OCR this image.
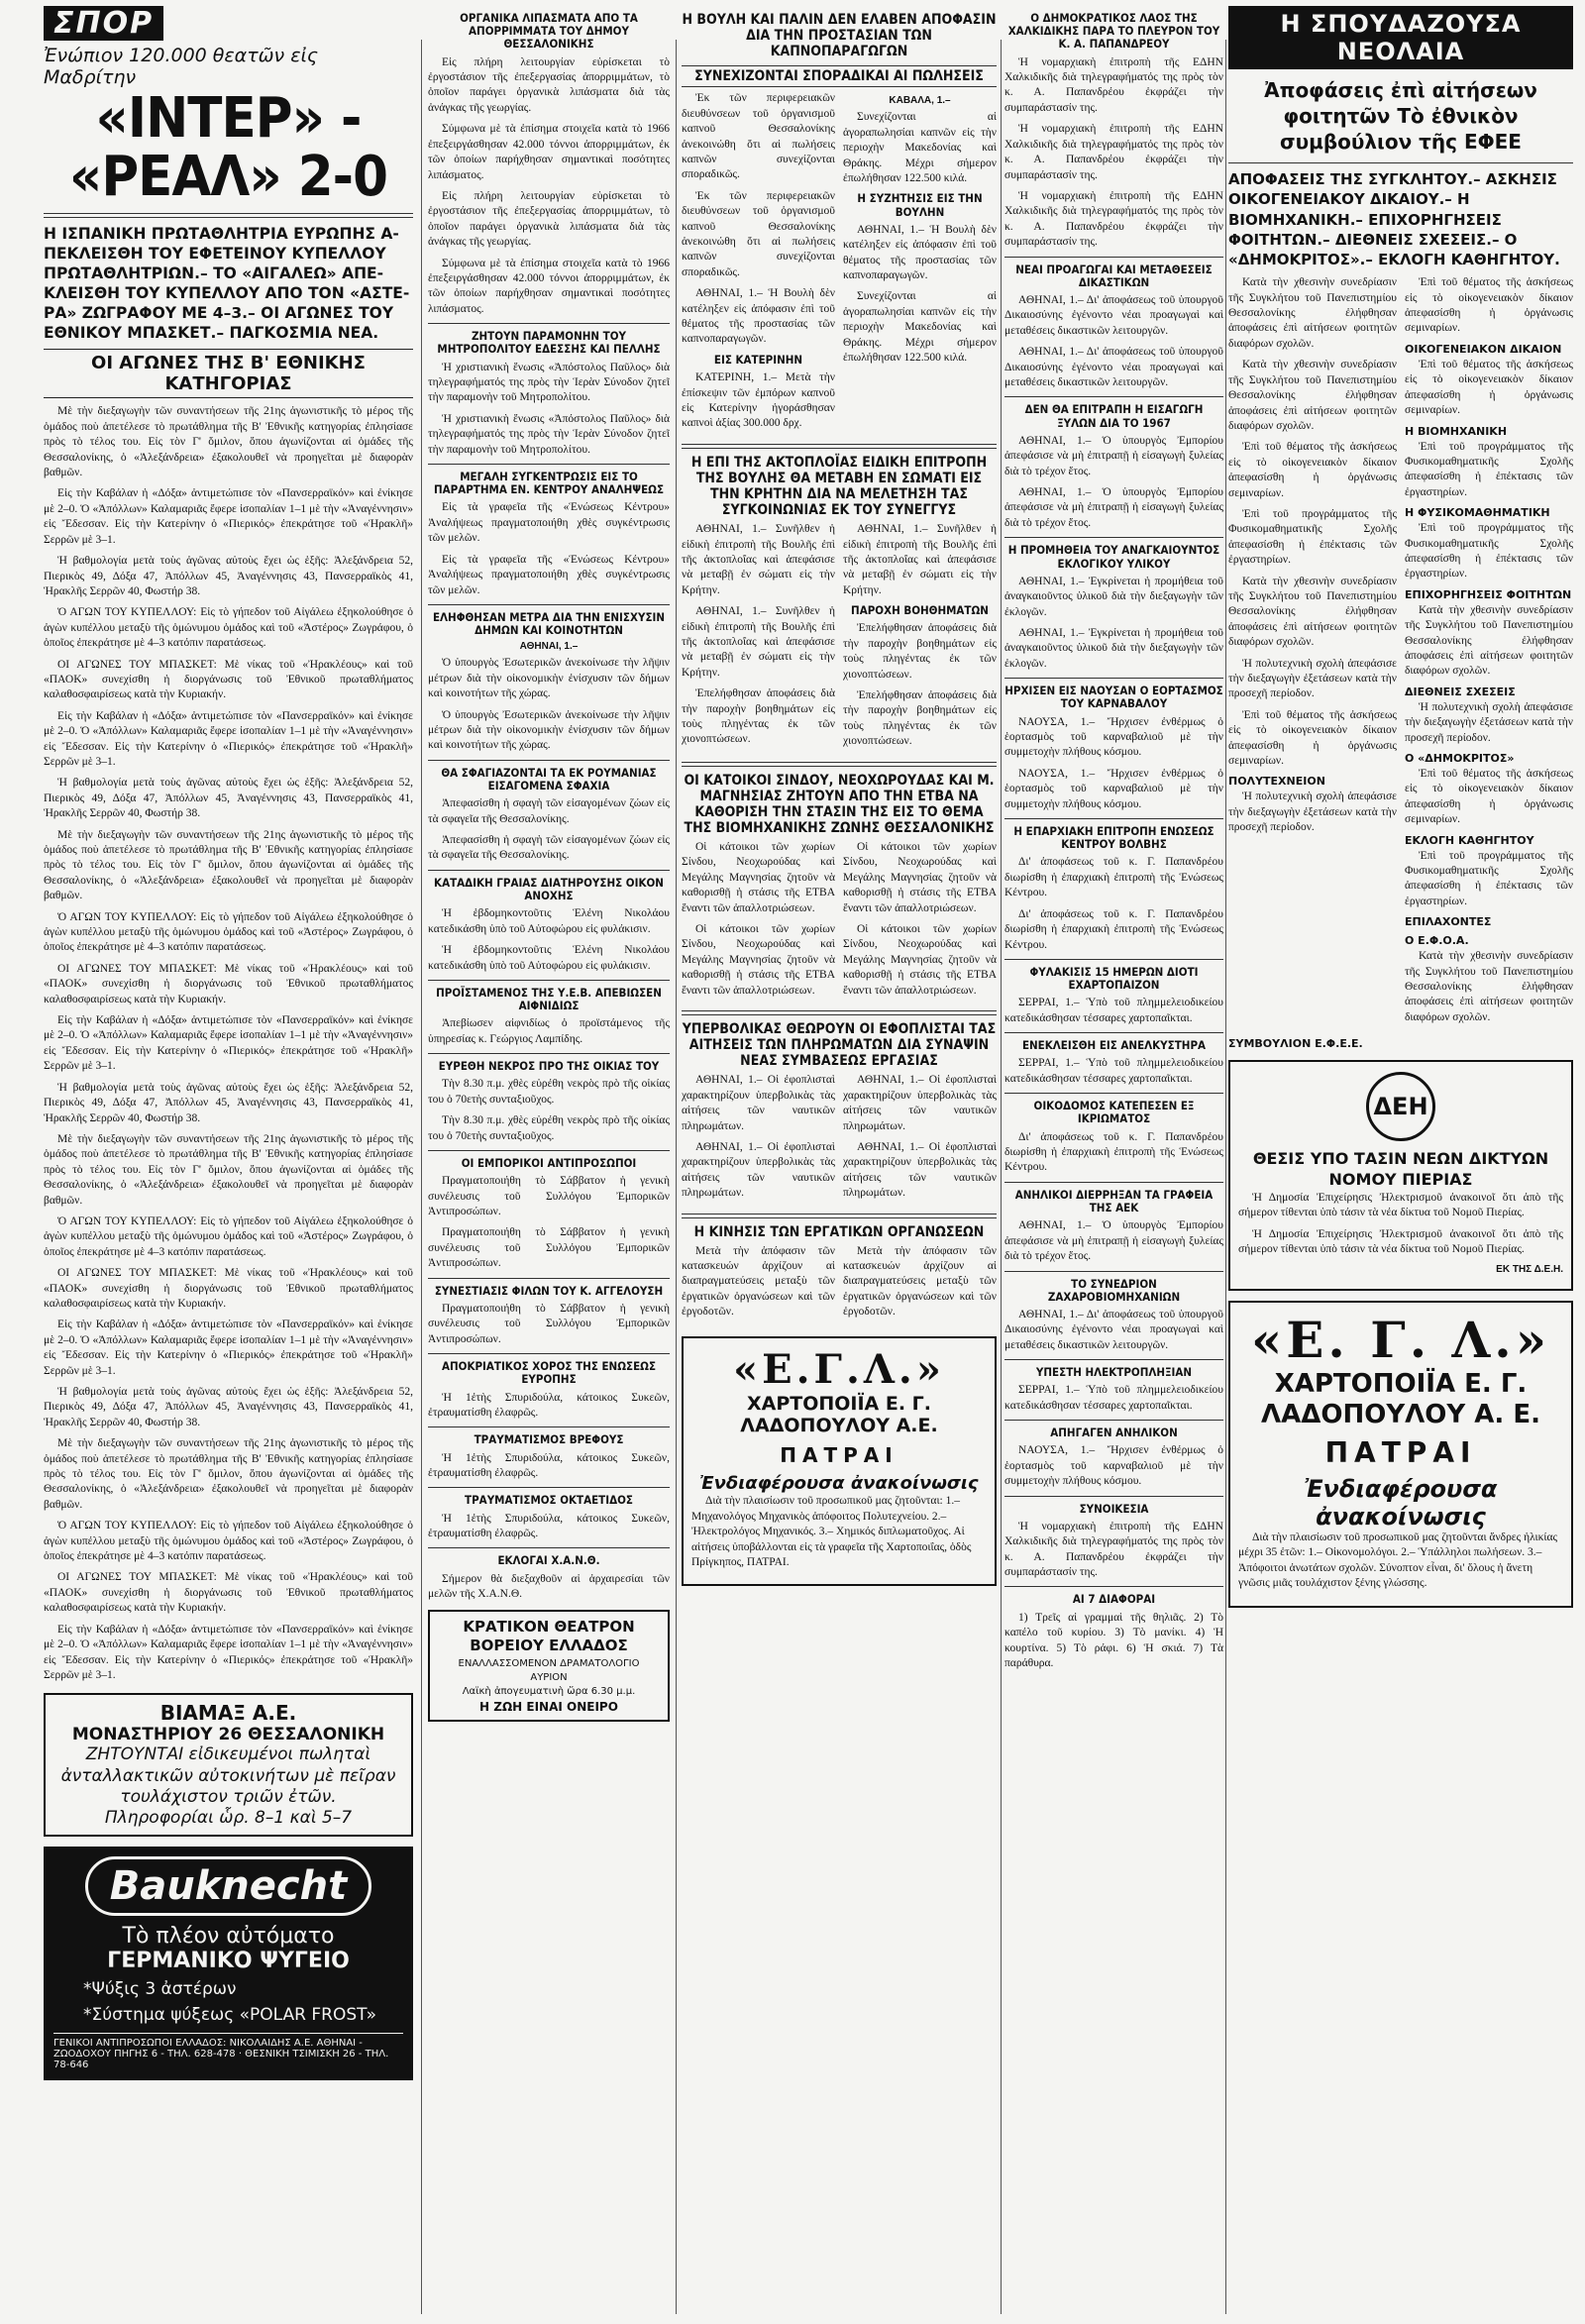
ΣΠΟΡ
Ἐνώπιον 120.000 θεατῶν εἰς Μαδρίτην
«ΙΝΤΕΡ» - «ΡΕΑΛ» 2-0
Η ΙΣΠΑΝΙΚΗ ΠΡΩΤΑΘΛΗΤΡΙΑ ΕΥΡΩΠΗΣ Α-ΠΕΚΛΕΙΣΘΗ ΤΟΥ ΕΦΕΤΕΙΝΟΥ ΚΥΠΕΛΛΟΥ ΠΡΩΤΑΘΛΗΤΡΙΩΝ.– ΤΟ «ΑΙΓΑΛΕΩ» ΑΠΕ-ΚΛΕΙΣΘΗ ΤΟΥ ΚΥΠΕΛΛΟΥ ΑΠΟ ΤΟΝ «ΑΣΤΕ-ΡΑ» ΖΩΓΡΑΦΟΥ ΜΕ 4–3.– ΟΙ ΑΓΩΝΕΣ ΤΟΥ ΕΘΝΙΚΟΥ ΜΠΑΣΚΕΤ.– ΠΑΓΚΟΣΜΙΑ ΝΕΑ.
ΟΙ ΑΓΩΝΕΣ ΤΗΣ Β' ΕΘΝΙΚΗΣ ΚΑΤΗΓΟΡΙΑΣ

Μὲ τὴν διεξαγωγὴν τῶν συναντήσεων τῆς 21ης ἀγωνιστικῆς τὸ μέρος τῆς ὁμάδος ποὺ ἀπετέλεσε τὸ πρωτάθλημα τῆς Β' Ἐθνικῆς κατηγορίας ἐπλησίασε πρὸς τὸ τέλος του. Εἰς τὸν Γ' ὅμιλον, ὅπου ἀγωνίζονται αἱ ὁμάδες τῆς Θεσσαλονίκης, ὁ «Ἀλεξάνδρεια» ἐξακολουθεῖ νὰ προηγεῖται μὲ διαφορὰν βαθμῶν.

Εἰς τὴν Καβάλαν ἡ «Δόξα» ἀντιμετώπισε τὸν «Πανσερραϊκόν» καὶ ἐνίκησε μὲ 2–0. Ὁ «Ἀπόλλων» Καλαμαριᾶς ἔφερε ἰσοπαλίαν 1–1 μὲ τὴν «Ἀναγέννησιν» εἰς Ἔδεσσαν. Εἰς τὴν Κατερίνην ὁ «Πιερικός» ἐπεκράτησε τοῦ «Ἡρακλῆ» Σερρῶν μὲ 3–1.

Ἡ βαθμολογία μετὰ τοὺς ἀγῶνας αὐτοὺς ἔχει ὡς ἑξῆς: Ἀλεξάνδρεια 52, Πιερικὸς 49, Δόξα 47, Ἀπόλλων 45, Ἀναγέννησις 43, Πανσερραϊκὸς 41, Ἡρακλῆς Σερρῶν 40, Φωστήρ 38.

Ὁ ΑΓΩΝ ΤΟΥ ΚΥΠΕΛΛΟΥ: Εἰς τὸ γήπεδον τοῦ Αἰγάλεω ἐξηκολούθησε ὁ ἀγὼν κυπέλλου μεταξὺ τῆς ὁμώνυμου ὁμάδος καὶ τοῦ «Ἀστέρος» Ζωγράφου, ὁ ὁποῖος ἐπεκράτησε μὲ 4–3 κατόπιν παρατάσεως.

ΟΙ ΑΓΩΝΕΣ ΤΟΥ ΜΠΑΣΚΕΤ: Μὲ νίκας τοῦ «Ἠρακλέους» καὶ τοῦ «ΠΑΟΚ» συνεχίσθη ἡ διοργάνωσις τοῦ Ἐθνικοῦ πρωταθλήματος καλαθοσφαιρίσεως κατὰ τὴν Κυριακήν.

Εἰς τὴν Καβάλαν ἡ «Δόξα» ἀντιμετώπισε τὸν «Πανσερραϊκόν» καὶ ἐνίκησε μὲ 2–0. Ὁ «Ἀπόλλων» Καλαμαριᾶς ἔφερε ἰσοπαλίαν 1–1 μὲ τὴν «Ἀναγέννησιν» εἰς Ἔδεσσαν. Εἰς τὴν Κατερίνην ὁ «Πιερικός» ἐπεκράτησε τοῦ «Ἡρακλῆ» Σερρῶν μὲ 3–1.

Ἡ βαθμολογία μετὰ τοὺς ἀγῶνας αὐτοὺς ἔχει ὡς ἑξῆς: Ἀλεξάνδρεια 52, Πιερικὸς 49, Δόξα 47, Ἀπόλλων 45, Ἀναγέννησις 43, Πανσερραϊκὸς 41, Ἡρακλῆς Σερρῶν 40, Φωστήρ 38.

Μὲ τὴν διεξαγωγὴν τῶν συναντήσεων τῆς 21ης ἀγωνιστικῆς τὸ μέρος τῆς ὁμάδος ποὺ ἀπετέλεσε τὸ πρωτάθλημα τῆς Β' Ἐθνικῆς κατηγορίας ἐπλησίασε πρὸς τὸ τέλος του. Εἰς τὸν Γ' ὅμιλον, ὅπου ἀγωνίζονται αἱ ὁμάδες τῆς Θεσσαλονίκης, ὁ «Ἀλεξάνδρεια» ἐξακολουθεῖ νὰ προηγεῖται μὲ διαφορὰν βαθμῶν.

Ὁ ΑΓΩΝ ΤΟΥ ΚΥΠΕΛΛΟΥ: Εἰς τὸ γήπεδον τοῦ Αἰγάλεω ἐξηκολούθησε ὁ ἀγὼν κυπέλλου μεταξὺ τῆς ὁμώνυμου ὁμάδος καὶ τοῦ «Ἀστέρος» Ζωγράφου, ὁ ὁποῖος ἐπεκράτησε μὲ 4–3 κατόπιν παρατάσεως.

ΟΙ ΑΓΩΝΕΣ ΤΟΥ ΜΠΑΣΚΕΤ: Μὲ νίκας τοῦ «Ἠρακλέους» καὶ τοῦ «ΠΑΟΚ» συνεχίσθη ἡ διοργάνωσις τοῦ Ἐθνικοῦ πρωταθλήματος καλαθοσφαιρίσεως κατὰ τὴν Κυριακήν.

Εἰς τὴν Καβάλαν ἡ «Δόξα» ἀντιμετώπισε τὸν «Πανσερραϊκόν» καὶ ἐνίκησε μὲ 2–0. Ὁ «Ἀπόλλων» Καλαμαριᾶς ἔφερε ἰσοπαλίαν 1–1 μὲ τὴν «Ἀναγέννησιν» εἰς Ἔδεσσαν. Εἰς τὴν Κατερίνην ὁ «Πιερικός» ἐπεκράτησε τοῦ «Ἡρακλῆ» Σερρῶν μὲ 3–1.

Ἡ βαθμολογία μετὰ τοὺς ἀγῶνας αὐτοὺς ἔχει ὡς ἑξῆς: Ἀλεξάνδρεια 52, Πιερικὸς 49, Δόξα 47, Ἀπόλλων 45, Ἀναγέννησις 43, Πανσερραϊκὸς 41, Ἡρακλῆς Σερρῶν 40, Φωστήρ 38.

Μὲ τὴν διεξαγωγὴν τῶν συναντήσεων τῆς 21ης ἀγωνιστικῆς τὸ μέρος τῆς ὁμάδος ποὺ ἀπετέλεσε τὸ πρωτάθλημα τῆς Β' Ἐθνικῆς κατηγορίας ἐπλησίασε πρὸς τὸ τέλος του. Εἰς τὸν Γ' ὅμιλον, ὅπου ἀγωνίζονται αἱ ὁμάδες τῆς Θεσσαλονίκης, ὁ «Ἀλεξάνδρεια» ἐξακολουθεῖ νὰ προηγεῖται μὲ διαφορὰν βαθμῶν.

Ὁ ΑΓΩΝ ΤΟΥ ΚΥΠΕΛΛΟΥ: Εἰς τὸ γήπεδον τοῦ Αἰγάλεω ἐξηκολούθησε ὁ ἀγὼν κυπέλλου μεταξὺ τῆς ὁμώνυμου ὁμάδος καὶ τοῦ «Ἀστέρος» Ζωγράφου, ὁ ὁποῖος ἐπεκράτησε μὲ 4–3 κατόπιν παρατάσεως.

ΟΙ ΑΓΩΝΕΣ ΤΟΥ ΜΠΑΣΚΕΤ: Μὲ νίκας τοῦ «Ἠρακλέους» καὶ τοῦ «ΠΑΟΚ» συνεχίσθη ἡ διοργάνωσις τοῦ Ἐθνικοῦ πρωταθλήματος καλαθοσφαιρίσεως κατὰ τὴν Κυριακήν.

Εἰς τὴν Καβάλαν ἡ «Δόξα» ἀντιμετώπισε τὸν «Πανσερραϊκόν» καὶ ἐνίκησε μὲ 2–0. Ὁ «Ἀπόλλων» Καλαμαριᾶς ἔφερε ἰσοπαλίαν 1–1 μὲ τὴν «Ἀναγέννησιν» εἰς Ἔδεσσαν. Εἰς τὴν Κατερίνην ὁ «Πιερικός» ἐπεκράτησε τοῦ «Ἡρακλῆ» Σερρῶν μὲ 3–1.

Ἡ βαθμολογία μετὰ τοὺς ἀγῶνας αὐτοὺς ἔχει ὡς ἑξῆς: Ἀλεξάνδρεια 52, Πιερικὸς 49, Δόξα 47, Ἀπόλλων 45, Ἀναγέννησις 43, Πανσερραϊκὸς 41, Ἡρακλῆς Σερρῶν 40, Φωστήρ 38.

Μὲ τὴν διεξαγωγὴν τῶν συναντήσεων τῆς 21ης ἀγωνιστικῆς τὸ μέρος τῆς ὁμάδος ποὺ ἀπετέλεσε τὸ πρωτάθλημα τῆς Β' Ἐθνικῆς κατηγορίας ἐπλησίασε πρὸς τὸ τέλος του. Εἰς τὸν Γ' ὅμιλον, ὅπου ἀγωνίζονται αἱ ὁμάδες τῆς Θεσσαλονίκης, ὁ «Ἀλεξάνδρεια» ἐξακολουθεῖ νὰ προηγεῖται μὲ διαφορὰν βαθμῶν.

Ὁ ΑΓΩΝ ΤΟΥ ΚΥΠΕΛΛΟΥ: Εἰς τὸ γήπεδον τοῦ Αἰγάλεω ἐξηκολούθησε ὁ ἀγὼν κυπέλλου μεταξὺ τῆς ὁμώνυμου ὁμάδος καὶ τοῦ «Ἀστέρος» Ζωγράφου, ὁ ὁποῖος ἐπεκράτησε μὲ 4–3 κατόπιν παρατάσεως.

ΟΙ ΑΓΩΝΕΣ ΤΟΥ ΜΠΑΣΚΕΤ: Μὲ νίκας τοῦ «Ἠρακλέους» καὶ τοῦ «ΠΑΟΚ» συνεχίσθη ἡ διοργάνωσις τοῦ Ἐθνικοῦ πρωταθλήματος καλαθοσφαιρίσεως κατὰ τὴν Κυριακήν.

Εἰς τὴν Καβάλαν ἡ «Δόξα» ἀντιμετώπισε τὸν «Πανσερραϊκόν» καὶ ἐνίκησε μὲ 2–0. Ὁ «Ἀπόλλων» Καλαμαριᾶς ἔφερε ἰσοπαλίαν 1–1 μὲ τὴν «Ἀναγέννησιν» εἰς Ἔδεσσαν. Εἰς τὴν Κατερίνην ὁ «Πιερικός» ἐπεκράτησε τοῦ «Ἡρακλῆ» Σερρῶν μὲ 3–1.

ΒΙΑΜΑΞ Α.Ε.
ΜΟΝΑΣΤΗΡΙΟΥ 26 ΘΕΣΣΑΛΟΝΙΚΗ
ΖΗΤΟΥΝΤΑΙ εἰδικευμένοι πωληταὶ ἀνταλλακτικῶν αὐτοκινήτων μὲ πεῖραν τουλάχιστον τριῶν ἐτῶν.
Πληροφορίαι ὧρ. 8–1 καὶ 5–7
Bauknecht
Τὸ πλέον αὐτόματο
ΓΕΡΜΑΝΙΚΟ ΨΥΓΕΙΟ
*Ψύξις 3 ἀστέρων
*Σύστημα ψύξεως «POLAR FROST»
ΓΕΝΙΚΟΙ ΑΝΤΙΠΡΟΣΩΠΟΙ ΕΛΛΑΔΟΣ: ΝΙΚΟΛΑΙΔΗΣ Α.Ε. ΑΘΗΝΑΙ - ΖΩΟΔΟΧΟΥ ΠΗΓΗΣ 6 - ΤΗΛ. 628-478 · ΘΕΣΝΙΚΗ ΤΣΙΜΙΣΚΗ 26 - ΤΗΛ. 78-646
ΟΡΓΑΝΙΚΑ ΛΙΠΑΣΜΑΤΑ ΑΠΟ ΤΑ ΑΠΟΡΡΙΜΜΑΤΑ ΤΟΥ ΔΗΜΟΥ ΘΕΣΣΑΛΟΝΙΚΗΣ

Εἰς πλήρη λειτουργίαν εὑρίσκεται τὸ ἐργοστάσιον τῆς ἐπεξεργασίας ἀπορριμμάτων, τὸ ὁποῖον παράγει ὀργανικὰ λιπάσματα διὰ τὰς ἀνάγκας τῆς γεωργίας.

Σύμφωνα μὲ τὰ ἐπίσημα στοιχεῖα κατὰ τὸ 1966 ἐπεξειργάσθησαν 42.000 τόννοι ἀπορριμμάτων, ἐκ τῶν ὁποίων παρήχθησαν σημαντικαὶ ποσότητες λιπάσματος.

Εἰς πλήρη λειτουργίαν εὑρίσκεται τὸ ἐργοστάσιον τῆς ἐπεξεργασίας ἀπορριμμάτων, τὸ ὁποῖον παράγει ὀργανικὰ λιπάσματα διὰ τὰς ἀνάγκας τῆς γεωργίας.

Σύμφωνα μὲ τὰ ἐπίσημα στοιχεῖα κατὰ τὸ 1966 ἐπεξειργάσθησαν 42.000 τόννοι ἀπορριμμάτων, ἐκ τῶν ὁποίων παρήχθησαν σημαντικαὶ ποσότητες λιπάσματος.

ΖΗΤΟΥΝ ΠΑΡΑΜΟΝΗΝ ΤΟΥ ΜΗΤΡΟΠΟΛΙΤΟΥ ΕΔΕΣΣΗΣ ΚΑΙ ΠΕΛΛΗΣ

Ἡ χριστιανικὴ ἕνωσις «Ἀπόστολος Παῦλος» διὰ τηλεγραφήματός της πρὸς τὴν Ἱερὰν Σύνοδον ζητεῖ τὴν παραμονὴν τοῦ Μητροπολίτου.

Ἡ χριστιανικὴ ἕνωσις «Ἀπόστολος Παῦλος» διὰ τηλεγραφήματός της πρὸς τὴν Ἱερὰν Σύνοδον ζητεῖ τὴν παραμονὴν τοῦ Μητροπολίτου.

ΜΕΓΑΛΗ ΣΥΓΚΕΝΤΡΩΣΙΣ ΕΙΣ ΤΟ ΠΑΡΑΡΤΗΜΑ ΕΝ. ΚΕΝΤΡΟΥ ΑΝΑΛΗΨΕΩΣ

Εἰς τὰ γραφεῖα τῆς «Ἑνώσεως Κέντρου» Ἀναλήψεως πραγματοποιήθη χθὲς συγκέντρωσις τῶν μελῶν.

Εἰς τὰ γραφεῖα τῆς «Ἑνώσεως Κέντρου» Ἀναλήψεως πραγματοποιήθη χθὲς συγκέντρωσις τῶν μελῶν.

ΕΛΗΦΘΗΣΑΝ ΜΕΤΡΑ ΔΙΑ ΤΗΝ ΕΝΙΣΧΥΣΙΝ ΔΗΜΩΝ ΚΑΙ ΚΟΙΝΟΤΗΤΩΝ
ΑΘΗΝΑΙ, 1.–

Ὁ ὑπουργὸς Ἐσωτερικῶν ἀνεκοίνωσε τὴν λῆψιν μέτρων διὰ τὴν οἰκονομικὴν ἐνίσχυσιν τῶν δήμων καὶ κοινοτήτων τῆς χώρας.

Ὁ ὑπουργὸς Ἐσωτερικῶν ἀνεκοίνωσε τὴν λῆψιν μέτρων διὰ τὴν οἰκονομικὴν ἐνίσχυσιν τῶν δήμων καὶ κοινοτήτων τῆς χώρας.

ΘΑ ΣΦΑΓΙΑΖΟΝΤΑΙ ΤΑ ΕΚ ΡΟΥΜΑΝΙΑΣ ΕΙΣΑΓΟΜΕΝΑ ΣΦΑΧΙΑ

Ἀπεφασίσθη ἡ σφαγὴ τῶν εἰσαγομένων ζώων εἰς τὰ σφαγεῖα τῆς Θεσσαλονίκης.

Ἀπεφασίσθη ἡ σφαγὴ τῶν εἰσαγομένων ζώων εἰς τὰ σφαγεῖα τῆς Θεσσαλονίκης.

ΚΑΤΑΔΙΚΗ ΓΡΑΙΑΣ ΔΙΑΤΗΡΟΥΣΗΣ ΟΙΚΟΝ ΑΝΟΧΗΣ

Ἡ ἑβδομηκοντοῦτις Ἑλένη Νικολάου κατεδικάσθη ὑπὸ τοῦ Αὐτοφώρου εἰς φυλάκισιν.

Ἡ ἑβδομηκοντοῦτις Ἑλένη Νικολάου κατεδικάσθη ὑπὸ τοῦ Αὐτοφώρου εἰς φυλάκισιν.

ΠΡΟΪΣΤΑΜΕΝΟΣ ΤΗΣ Υ.Ε.Β. ΑΠΕΒΙΩΣΕΝ ΑΙΦΝΙΔΙΩΣ

Ἀπεβίωσεν αἰφνιδίως ὁ προϊστάμενος τῆς ὑπηρεσίας κ. Γεώργιος Λαμπίδης.

ΕΥΡΕΘΗ ΝΕΚΡΟΣ ΠΡΟ ΤΗΣ ΟΙΚΙΑΣ ΤΟΥ

Τὴν 8.30 π.μ. χθὲς εὑρέθη νεκρὸς πρὸ τῆς οἰκίας του ὁ 70ετὴς συνταξιοῦχος.

Τὴν 8.30 π.μ. χθὲς εὑρέθη νεκρὸς πρὸ τῆς οἰκίας του ὁ 70ετὴς συνταξιοῦχος.

ΟΙ ΕΜΠΟΡΙΚΟΙ ΑΝΤΙΠΡΟΣΩΠΟΙ

Πραγματοποιήθη τὸ Σάββατον ἡ γενικὴ συνέλευσις τοῦ Συλλόγου Ἐμπορικῶν Ἀντιπροσώπων.

Πραγματοποιήθη τὸ Σάββατον ἡ γενικὴ συνέλευσις τοῦ Συλλόγου Ἐμπορικῶν Ἀντιπροσώπων.

ΣΥΝΕΣΤΙΑΣΙΣ ΦΙΛΩΝ ΤΟΥ Κ. ΑΓΓΕΛΟΥΣΗ

Πραγματοποιήθη τὸ Σάββατον ἡ γενικὴ συνέλευσις τοῦ Συλλόγου Ἐμπορικῶν Ἀντιπροσώπων.

ΑΠΟΚΡΙΑΤΙΚΟΣ ΧΟΡΟΣ ΤΗΣ ΕΝΩΣΕΩΣ ΕΥΡΟΠΗΣ

Ἡ 1ἐτὴς Σπυριδούλα, κάτοικος Συκεῶν, ἐτραυματίσθη ἐλαφρῶς.

ΤΡΑΥΜΑΤΙΣΜΟΣ ΒΡΕΦΟΥΣ

Ἡ 1ἐτὴς Σπυριδούλα, κάτοικος Συκεῶν, ἐτραυματίσθη ἐλαφρῶς.

ΤΡΑΥΜΑΤΙΣΜΟΣ ΟΚΤΑΕΤΙΔΟΣ

Ἡ 1ἐτὴς Σπυριδούλα, κάτοικος Συκεῶν, ἐτραυματίσθη ἐλαφρῶς.

ΕΚΛΟΓΑΙ Χ.Α.Ν.Θ.

Σήμερον θὰ διεξαχθοῦν αἱ ἀρχαιρεσίαι τῶν μελῶν τῆς Χ.Α.Ν.Θ.

ΚΡΑΤΙΚΟΝ ΘΕΑΤΡΟΝ ΒΟΡΕΙΟΥ ΕΛΛΑΔΟΣ
ΕΝΑΛΛΑΣΣΟΜΕΝΟΝ ΔΡΑΜΑΤΟΛΟΓΙΟ
ΑΥΡΙΟΝ
Λαϊκὴ ἀπογευματινὴ ὥρα 6.30 μ.μ.
Η ΖΩΗ ΕΙΝΑΙ ΟΝΕΙΡΟ
Η ΒΟΥΛΗ ΚΑΙ ΠΑΛΙΝ ΔΕΝ ΕΛΑΒΕΝ ΑΠΟΦΑΣΙΝ ΔΙΑ ΤΗΝ ΠΡΟΣΤΑΣΙΑΝ ΤΩΝ ΚΑΠΝΟΠΑΡΑΓΩΓΩΝ
ΣΥΝΕΧΙΖΟΝΤΑΙ ΣΠΟΡΑΔΙΚΑΙ ΑΙ ΠΩΛΗΣΕΙΣ

Ἐκ τῶν περιφερειακῶν διευθύνσεων τοῦ ὀργανισμοῦ καπνοῦ Θεσσαλονίκης ἀνεκοινώθη ὅτι αἱ πωλήσεις καπνῶν συνεχίζονται σποραδικῶς.

Ἐκ τῶν περιφερειακῶν διευθύνσεων τοῦ ὀργανισμοῦ καπνοῦ Θεσσαλονίκης ἀνεκοινώθη ὅτι αἱ πωλήσεις καπνῶν συνεχίζονται σποραδικῶς.

ΑΘΗΝΑΙ, 1.– Ἡ Βουλὴ δὲν κατέληξεν εἰς ἀπόφασιν ἐπὶ τοῦ θέματος τῆς προστασίας τῶν καπνοπαραγωγῶν.

ΕΙΣ ΚΑΤΕΡΙΝΗΝ

ΚΑΤΕΡΙΝΗ, 1.– Μετὰ τὴν ἐπίσκεψιν τῶν ἐμπόρων καπνοῦ εἰς Κατερίνην ἠγοράσθησαν καπνοὶ ἀξίας 300.000 δρχ.

ΚΑΒΑΛΑ, 1.–

Συνεχίζονται αἱ ἀγοραπωλησίαι καπνῶν εἰς τὴν περιοχὴν Μακεδονίας καὶ Θράκης. Μέχρι σήμερον ἐπωλήθησαν 122.500 κιλά.

Η ΣΥΖΗΤΗΣΙΣ ΕΙΣ ΤΗΝ ΒΟΥΛΗΝ

ΑΘΗΝΑΙ, 1.– Ἡ Βουλὴ δὲν κατέληξεν εἰς ἀπόφασιν ἐπὶ τοῦ θέματος τῆς προστασίας τῶν καπνοπαραγωγῶν.

Συνεχίζονται αἱ ἀγοραπωλησίαι καπνῶν εἰς τὴν περιοχὴν Μακεδονίας καὶ Θράκης. Μέχρι σήμερον ἐπωλήθησαν 122.500 κιλά.

Η ΕΠΙ ΤΗΣ ΑΚΤΟΠΛΟΪΑΣ ΕΙΔΙΚΗ ΕΠΙΤΡΟΠΗ ΤΗΣ ΒΟΥΛΗΣ ΘΑ ΜΕΤΑΒΗ ΕΝ ΣΩΜΑΤΙ ΕΙΣ ΤΗΝ ΚΡΗΤΗΝ ΔΙΑ ΝΑ ΜΕΛΕΤΗΣΗ ΤΑΣ ΣΥΓΚΟΙΝΩΝΙΑΣ ΕΚ ΤΟΥ ΣΥΝΕΓΓΥΣ

ΑΘΗΝΑΙ, 1.– Συνῆλθεν ἡ εἰδικὴ ἐπιτροπὴ τῆς Βουλῆς ἐπὶ τῆς ἀκτοπλοΐας καὶ ἀπεφάσισε νὰ μεταβῇ ἐν σώματι εἰς τὴν Κρήτην.

ΑΘΗΝΑΙ, 1.– Συνῆλθεν ἡ εἰδικὴ ἐπιτροπὴ τῆς Βουλῆς ἐπὶ τῆς ἀκτοπλοΐας καὶ ἀπεφάσισε νὰ μεταβῇ ἐν σώματι εἰς τὴν Κρήτην.

Ἐπελήφθησαν ἀποφάσεις διὰ τὴν παροχὴν βοηθημάτων εἰς τοὺς πληγέντας ἐκ τῶν χιονοπτώσεων.

ΑΘΗΝΑΙ, 1.– Συνῆλθεν ἡ εἰδικὴ ἐπιτροπὴ τῆς Βουλῆς ἐπὶ τῆς ἀκτοπλοΐας καὶ ἀπεφάσισε νὰ μεταβῇ ἐν σώματι εἰς τὴν Κρήτην.

ΠΑΡΟΧΗ ΒΟΗΘΗΜΑΤΩΝ

Ἐπελήφθησαν ἀποφάσεις διὰ τὴν παροχὴν βοηθημάτων εἰς τοὺς πληγέντας ἐκ τῶν χιονοπτώσεων.

Ἐπελήφθησαν ἀποφάσεις διὰ τὴν παροχὴν βοηθημάτων εἰς τοὺς πληγέντας ἐκ τῶν χιονοπτώσεων.

ΟΙ ΚΑΤΟΙΚΟΙ ΣΙΝΔΟΥ, ΝΕΟΧΩΡΟΥΔΑΣ ΚΑΙ Μ. ΜΑΓΝΗΣΙΑΣ ΖΗΤΟΥΝ ΑΠΟ ΤΗΝ ΕΤΒΑ ΝΑ ΚΑΘΟΡΙΣΗ ΤΗΝ ΣΤΑΣΙΝ ΤΗΣ ΕΙΣ ΤΟ ΘΕΜΑ ΤΗΣ ΒΙΟΜΗΧΑΝΙΚΗΣ ΖΩΝΗΣ ΘΕΣΣΑΛΟΝΙΚΗΣ

Οἱ κάτοικοι τῶν χωρίων Σίνδου, Νεοχωρούδας καὶ Μεγάλης Μαγνησίας ζητοῦν νὰ καθορισθῇ ἡ στάσις τῆς ΕΤΒΑ ἔναντι τῶν ἀπαλλοτριώσεων.

Οἱ κάτοικοι τῶν χωρίων Σίνδου, Νεοχωρούδας καὶ Μεγάλης Μαγνησίας ζητοῦν νὰ καθορισθῇ ἡ στάσις τῆς ΕΤΒΑ ἔναντι τῶν ἀπαλλοτριώσεων.

Οἱ κάτοικοι τῶν χωρίων Σίνδου, Νεοχωρούδας καὶ Μεγάλης Μαγνησίας ζητοῦν νὰ καθορισθῇ ἡ στάσις τῆς ΕΤΒΑ ἔναντι τῶν ἀπαλλοτριώσεων.

Οἱ κάτοικοι τῶν χωρίων Σίνδου, Νεοχωρούδας καὶ Μεγάλης Μαγνησίας ζητοῦν νὰ καθορισθῇ ἡ στάσις τῆς ΕΤΒΑ ἔναντι τῶν ἀπαλλοτριώσεων.

ΥΠΕΡΒΟΛΙΚΑΣ ΘΕΩΡΟΥΝ ΟΙ ΕΦΟΠΛΙΣΤΑΙ ΤΑΣ ΑΙΤΗΣΕΙΣ ΤΩΝ ΠΛΗΡΩΜΑΤΩΝ ΔΙΑ ΣΥΝΑΨΙΝ ΝΕΑΣ ΣΥΜΒΑΣΕΩΣ ΕΡΓΑΣΙΑΣ

ΑΘΗΝΑΙ, 1.– Οἱ ἐφοπλισταὶ χαρακτηρίζουν ὑπερβολικὰς τὰς αἰτήσεις τῶν ναυτικῶν πληρωμάτων.

ΑΘΗΝΑΙ, 1.– Οἱ ἐφοπλισταὶ χαρακτηρίζουν ὑπερβολικὰς τὰς αἰτήσεις τῶν ναυτικῶν πληρωμάτων.

ΑΘΗΝΑΙ, 1.– Οἱ ἐφοπλισταὶ χαρακτηρίζουν ὑπερβολικὰς τὰς αἰτήσεις τῶν ναυτικῶν πληρωμάτων.

ΑΘΗΝΑΙ, 1.– Οἱ ἐφοπλισταὶ χαρακτηρίζουν ὑπερβολικὰς τὰς αἰτήσεις τῶν ναυτικῶν πληρωμάτων.

Η ΚΙΝΗΣΙΣ ΤΩΝ ΕΡΓΑΤΙΚΩΝ ΟΡΓΑΝΩΣΕΩΝ

Μετὰ τὴν ἀπόφασιν τῶν κατασκευών ἀρχίζουν αἱ διαπραγματεύσεις μεταξὺ τῶν ἐργατικῶν ὀργανώσεων καὶ τῶν ἐργοδοτῶν.

Μετὰ τὴν ἀπόφασιν τῶν κατασκευών ἀρχίζουν αἱ διαπραγματεύσεις μεταξὺ τῶν ἐργατικῶν ὀργανώσεων καὶ τῶν ἐργοδοτῶν.

«Ε.Γ.Λ.»
ΧΑΡΤΟΠΟΙΪΑ Ε. Γ. ΛΑΔΟΠΟΥΛΟΥ Α.Ε.
ΠΑΤΡΑΙ
Ἐνδιαφέρουσα ἀνακοίνωσις

Διὰ τὴν πλαισίωσιν τοῦ προσωπικοῦ μας ζητοῦνται: 1.– Μηχανολόγος Μηχανικὸς ἀπόφοιτος Πολυτεχνείου. 2.– Ἠλεκτρολόγος Μηχανικός. 3.– Χημικός διπλωματοῦχος. Αἱ αἰτήσεις ὑποβάλλονται εἰς τὰ γραφεῖα τῆς Χαρτοποιΐας, ὁδὸς Πρίγκηπος, ΠΑΤΡΑΙ.

Ο ΔΗΜΟΚΡΑΤΙΚΟΣ ΛΑΟΣ ΤΗΣ ΧΑΛΚΙΔΙΚΗΣ ΠΑΡΑ ΤΟ ΠΛΕΥΡΟΝ ΤΟΥ Κ. Α. ΠΑΠΑΝΔΡΕΟΥ

Ἡ νομαρχιακὴ ἐπιτροπὴ τῆς ΕΔΗΝ Χαλκιδικῆς διὰ τηλεγραφήματός της πρὸς τὸν κ. Α. Παπανδρέου ἐκφράζει τὴν συμπαράστασίν της.

Ἡ νομαρχιακὴ ἐπιτροπὴ τῆς ΕΔΗΝ Χαλκιδικῆς διὰ τηλεγραφήματός της πρὸς τὸν κ. Α. Παπανδρέου ἐκφράζει τὴν συμπαράστασίν της.

Ἡ νομαρχιακὴ ἐπιτροπὴ τῆς ΕΔΗΝ Χαλκιδικῆς διὰ τηλεγραφήματός της πρὸς τὸν κ. Α. Παπανδρέου ἐκφράζει τὴν συμπαράστασίν της.

ΝΕΑΙ ΠΡΟΑΓΩΓΑΙ ΚΑΙ ΜΕΤΑΘΕΣΕΙΣ ΔΙΚΑΣΤΙΚΩΝ

ΑΘΗΝΑΙ, 1.– Δι' ἀποφάσεως τοῦ ὑπουργοῦ Δικαιοσύνης ἐγένοντο νέαι προαγωγαὶ καὶ μεταθέσεις δικαστικῶν λειτουργῶν.

ΑΘΗΝΑΙ, 1.– Δι' ἀποφάσεως τοῦ ὑπουργοῦ Δικαιοσύνης ἐγένοντο νέαι προαγωγαὶ καὶ μεταθέσεις δικαστικῶν λειτουργῶν.

ΔΕΝ ΘΑ ΕΠΙΤΡΑΠΗ Η ΕΙΣΑΓΩΓΗ ΞΥΛΩΝ ΔΙΑ ΤΟ 1967

ΑΘΗΝΑΙ, 1.– Ὁ ὑπουργὸς Ἐμπορίου ἀπεφάσισε νὰ μὴ ἐπιτραπῇ ἡ εἰσαγωγὴ ξυλείας διὰ τὸ τρέχον ἔτος.

ΑΘΗΝΑΙ, 1.– Ὁ ὑπουργὸς Ἐμπορίου ἀπεφάσισε νὰ μὴ ἐπιτραπῇ ἡ εἰσαγωγὴ ξυλείας διὰ τὸ τρέχον ἔτος.

Η ΠΡΟΜΗΘΕΙΑ ΤΟΥ ΑΝΑΓΚΑΙΟΥΝΤΟΣ ΕΚΛΟΓΙΚΟΥ ΥΛΙΚΟΥ

ΑΘΗΝΑΙ, 1.– Ἐγκρίνεται ἡ προμήθεια τοῦ ἀναγκαιοῦντος ὑλικοῦ διὰ τὴν διεξαγωγὴν τῶν ἐκλογῶν.

ΑΘΗΝΑΙ, 1.– Ἐγκρίνεται ἡ προμήθεια τοῦ ἀναγκαιοῦντος ὑλικοῦ διὰ τὴν διεξαγωγὴν τῶν ἐκλογῶν.

ΗΡΧΙΣΕΝ ΕΙΣ ΝΑΟΥΣΑΝ Ο ΕΟΡΤΑΣΜΟΣ ΤΟΥ ΚΑΡΝΑΒΑΛΟΥ

ΝΑΟΥΣΑ, 1.– Ἤρχισεν ἐνθέρμως ὁ ἑορτασμὸς τοῦ καρναβαλιοῦ μὲ τὴν συμμετοχὴν πλήθους κόσμου.

ΝΑΟΥΣΑ, 1.– Ἤρχισεν ἐνθέρμως ὁ ἑορτασμὸς τοῦ καρναβαλιοῦ μὲ τὴν συμμετοχὴν πλήθους κόσμου.

Η ΕΠΑΡΧΙΑΚΗ ΕΠΙΤΡΟΠΗ ΕΝΩΣΕΩΣ ΚΕΝΤΡΟΥ ΒΟΛΒΗΣ

Δι' ἀποφάσεως τοῦ κ. Γ. Παπανδρέου διωρίσθη ἡ ἐπαρχιακὴ ἐπιτροπὴ τῆς Ἑνώσεως Κέντρου.

Δι' ἀποφάσεως τοῦ κ. Γ. Παπανδρέου διωρίσθη ἡ ἐπαρχιακὴ ἐπιτροπὴ τῆς Ἑνώσεως Κέντρου.

ΦΥΛΑΚΙΣΙΣ 15 ΗΜΕΡΩΝ ΔΙΟΤΙ ΕΧΑΡΤΟΠΑΙΖΟΝ

ΣΕΡΡΑΙ, 1.– Ὑπὸ τοῦ πλημμελειοδικείου κατεδικάσθησαν τέσσαρες χαρτοπαῖκται.

ΕΝΕΚΛΕΙΣΘΗ ΕΙΣ ΑΝΕΛΚΥΣΤΗΡΑ

ΣΕΡΡΑΙ, 1.– Ὑπὸ τοῦ πλημμελειοδικείου κατεδικάσθησαν τέσσαρες χαρτοπαῖκται.

ΟΙΚΟΔΟΜΟΣ ΚΑΤΕΠΕΣΕΝ ΕΞ ΙΚΡΙΩΜΑΤΟΣ

Δι' ἀποφάσεως τοῦ κ. Γ. Παπανδρέου διωρίσθη ἡ ἐπαρχιακὴ ἐπιτροπὴ τῆς Ἑνώσεως Κέντρου.

ΑΝΗΛΙΚΟΙ ΔΙΕΡΡΗΞΑΝ ΤΑ ΓΡΑΦΕΙΑ ΤΗΣ ΑΕΚ

ΑΘΗΝΑΙ, 1.– Ὁ ὑπουργὸς Ἐμπορίου ἀπεφάσισε νὰ μὴ ἐπιτραπῇ ἡ εἰσαγωγὴ ξυλείας διὰ τὸ τρέχον ἔτος.

ΤΟ ΣΥΝΕΔΡΙΟΝ ΖΑΧΑΡΟΒΙΟΜΗΧΑΝΙΩΝ

ΑΘΗΝΑΙ, 1.– Δι' ἀποφάσεως τοῦ ὑπουργοῦ Δικαιοσύνης ἐγένοντο νέαι προαγωγαὶ καὶ μεταθέσεις δικαστικῶν λειτουργῶν.

ΥΠΕΣΤΗ ΗΛΕΚΤΡΟΠΛΗΞΙΑΝ

ΣΕΡΡΑΙ, 1.– Ὑπὸ τοῦ πλημμελειοδικείου κατεδικάσθησαν τέσσαρες χαρτοπαῖκται.

ΑΠΗΓΑΓΕΝ ΑΝΗΛΙΚΟΝ

ΝΑΟΥΣΑ, 1.– Ἤρχισεν ἐνθέρμως ὁ ἑορτασμὸς τοῦ καρναβαλιοῦ μὲ τὴν συμμετοχὴν πλήθους κόσμου.

ΣΥΝΟΙΚΕΣΙΑ

Ἡ νομαρχιακὴ ἐπιτροπὴ τῆς ΕΔΗΝ Χαλκιδικῆς διὰ τηλεγραφήματός της πρὸς τὸν κ. Α. Παπανδρέου ἐκφράζει τὴν συμπαράστασίν της.

ΑΙ 7 ΔΙΑΦΟΡΑΙ

1) Τρεῖς αἱ γραμμαὶ τῆς θηλιᾶς. 2) Τὸ καπέλο τοῦ κυρίου. 3) Τὸ μανίκι. 4) Ἡ κουρτίνα. 5) Τὸ ράφι. 6) Ἡ σκιά. 7) Τὰ παράθυρα.

Η ΣΠΟΥΔΑΖΟΥΣΑ ΝΕΟΛΑΙΑ
Ἀποφάσεις ἐπὶ αἰτήσεων φοιτητῶν Τὸ ἐθνικὸν συμβούλιον τῆς ΕΦΕΕ
ΑΠΟΦΑΣΕΙΣ ΤΗΣ ΣΥΓΚΛΗΤΟΥ.– ΑΣΚΗΣΙΣ ΟΙΚΟΓΕΝΕΙΑΚΟΥ ΔΙΚΑΙΟΥ.– Η ΒΙΟΜΗΧΑΝΙΚΗ.– ΕΠΙΧΟΡΗΓΗΣΕΙΣ ΦΟΙΤΗΤΩΝ.– ΔΙΕΘΝΕΙΣ ΣΧΕΣΕΙΣ.– Ο «ΔΗΜΟΚΡΙΤΟΣ».– ΕΚΛΟΓΗ ΚΑΘΗΓΗΤΟΥ.

Κατὰ τὴν χθεσινὴν συνεδρίασιν τῆς Συγκλήτου τοῦ Πανεπιστημίου Θεσσαλονίκης ἐλήφθησαν ἀποφάσεις ἐπὶ αἰτήσεων φοιτητῶν διαφόρων σχολῶν.

Κατὰ τὴν χθεσινὴν συνεδρίασιν τῆς Συγκλήτου τοῦ Πανεπιστημίου Θεσσαλονίκης ἐλήφθησαν ἀποφάσεις ἐπὶ αἰτήσεων φοιτητῶν διαφόρων σχολῶν.

Ἐπὶ τοῦ θέματος τῆς ἀσκήσεως εἰς τὸ οἰκογενειακὸν δίκαιον ἀπεφασίσθη ἡ ὀργάνωσις σεμιναρίων.

Ἐπὶ τοῦ προγράμματος τῆς Φυσικομαθηματικῆς Σχολῆς ἀπεφασίσθη ἡ ἐπέκτασις τῶν ἐργαστηρίων.

Κατὰ τὴν χθεσινὴν συνεδρίασιν τῆς Συγκλήτου τοῦ Πανεπιστημίου Θεσσαλονίκης ἐλήφθησαν ἀποφάσεις ἐπὶ αἰτήσεων φοιτητῶν διαφόρων σχολῶν.

Ἡ πολυτεχνικὴ σχολὴ ἀπεφάσισε τὴν διεξαγωγὴν ἐξετάσεων κατὰ τὴν προσεχῆ περίοδον.

Ἐπὶ τοῦ θέματος τῆς ἀσκήσεως εἰς τὸ οἰκογενειακὸν δίκαιον ἀπεφασίσθη ἡ ὀργάνωσις σεμιναρίων.

ΠΟΛΥΤΕΧΝΕΙΟΝ

Ἡ πολυτεχνικὴ σχολὴ ἀπεφάσισε τὴν διεξαγωγὴν ἐξετάσεων κατὰ τὴν προσεχῆ περίοδον.

Ἐπὶ τοῦ θέματος τῆς ἀσκήσεως εἰς τὸ οἰκογενειακὸν δίκαιον ἀπεφασίσθη ἡ ὀργάνωσις σεμιναρίων.

ΟΙΚΟΓΕΝΕΙΑΚΟΝ ΔΙΚΑΙΟΝ

Ἐπὶ τοῦ θέματος τῆς ἀσκήσεως εἰς τὸ οἰκογενειακὸν δίκαιον ἀπεφασίσθη ἡ ὀργάνωσις σεμιναρίων.

Η ΒΙΟΜΗΧΑΝΙΚΗ

Ἐπὶ τοῦ προγράμματος τῆς Φυσικομαθηματικῆς Σχολῆς ἀπεφασίσθη ἡ ἐπέκτασις τῶν ἐργαστηρίων.

Η ΦΥΣΙΚΟΜΑΘΗΜΑΤΙΚΗ

Ἐπὶ τοῦ προγράμματος τῆς Φυσικομαθηματικῆς Σχολῆς ἀπεφασίσθη ἡ ἐπέκτασις τῶν ἐργαστηρίων.

ΕΠΙΧΟΡΗΓΗΣΕΙΣ ΦΟΙΤΗΤΩΝ

Κατὰ τὴν χθεσινὴν συνεδρίασιν τῆς Συγκλήτου τοῦ Πανεπιστημίου Θεσσαλονίκης ἐλήφθησαν ἀποφάσεις ἐπὶ αἰτήσεων φοιτητῶν διαφόρων σχολῶν.

ΔΙΕΘΝΕΙΣ ΣΧΕΣΕΙΣ

Ἡ πολυτεχνικὴ σχολὴ ἀπεφάσισε τὴν διεξαγωγὴν ἐξετάσεων κατὰ τὴν προσεχῆ περίοδον.

Ο «ΔΗΜΟΚΡΙΤΟΣ»

Ἐπὶ τοῦ θέματος τῆς ἀσκήσεως εἰς τὸ οἰκογενειακὸν δίκαιον ἀπεφασίσθη ἡ ὀργάνωσις σεμιναρίων.

ΕΚΛΟΓΗ ΚΑΘΗΓΗΤΟΥ

Ἐπὶ τοῦ προγράμματος τῆς Φυσικομαθηματικῆς Σχολῆς ἀπεφασίσθη ἡ ἐπέκτασις τῶν ἐργαστηρίων.

ΕΠΙΛΑΧΟΝΤΕΣ
Ο Ε.Φ.Ο.Α.

Κατὰ τὴν χθεσινὴν συνεδρίασιν τῆς Συγκλήτου τοῦ Πανεπιστημίου Θεσσαλονίκης ἐλήφθησαν ἀποφάσεις ἐπὶ αἰτήσεων φοιτητῶν διαφόρων σχολῶν.

ΣΥΜΒΟΥΛΙΟΝ Ε.Φ.Ε.Ε.
ΔΕΗ
ΘΕΣΙΣ ΥΠΟ ΤΑΣΙΝ ΝΕΩΝ ΔΙΚΤΥΩΝ ΝΟΜΟΥ ΠΙΕΡΙΑΣ

Ἡ Δημοσία Ἐπιχείρησις Ἠλεκτρισμοῦ ἀνακοινοῖ ὅτι ἀπὸ τῆς σήμερον τίθενται ὑπὸ τάσιν τὰ νέα δίκτυα τοῦ Νομοῦ Πιερίας.

Ἡ Δημοσία Ἐπιχείρησις Ἠλεκτρισμοῦ ἀνακοινοῖ ὅτι ἀπὸ τῆς σήμερον τίθενται ὑπὸ τάσιν τὰ νέα δίκτυα τοῦ Νομοῦ Πιερίας.

ΕΚ ΤΗΣ Δ.Ε.Η.
«Ε. Γ. Λ.»
ΧΑΡΤΟΠΟΙΪΑ Ε. Γ. ΛΑΔΟΠΟΥΛΟΥ Α. Ε.
ΠΑΤΡΑΙ
Ἐνδιαφέρουσα ἀνακοίνωσις

Διὰ τὴν πλαισίωσιν τοῦ προσωπικοῦ μας ζητοῦνται ἄνδρες ἡλικίας μέχρι 35 ἐτῶν: 1.– Οἰκονομολόγοι. 2.– Ὑπάλληλοι πωλήσεων. 3.– Ἀπόφοιτοι ἀνωτάτων σχολῶν. Σύνοπτον εἶναι, δι' ὅλους ἡ ἄνετη γνῶσις μιᾶς τουλάχιστον ξένης γλώσσης.
